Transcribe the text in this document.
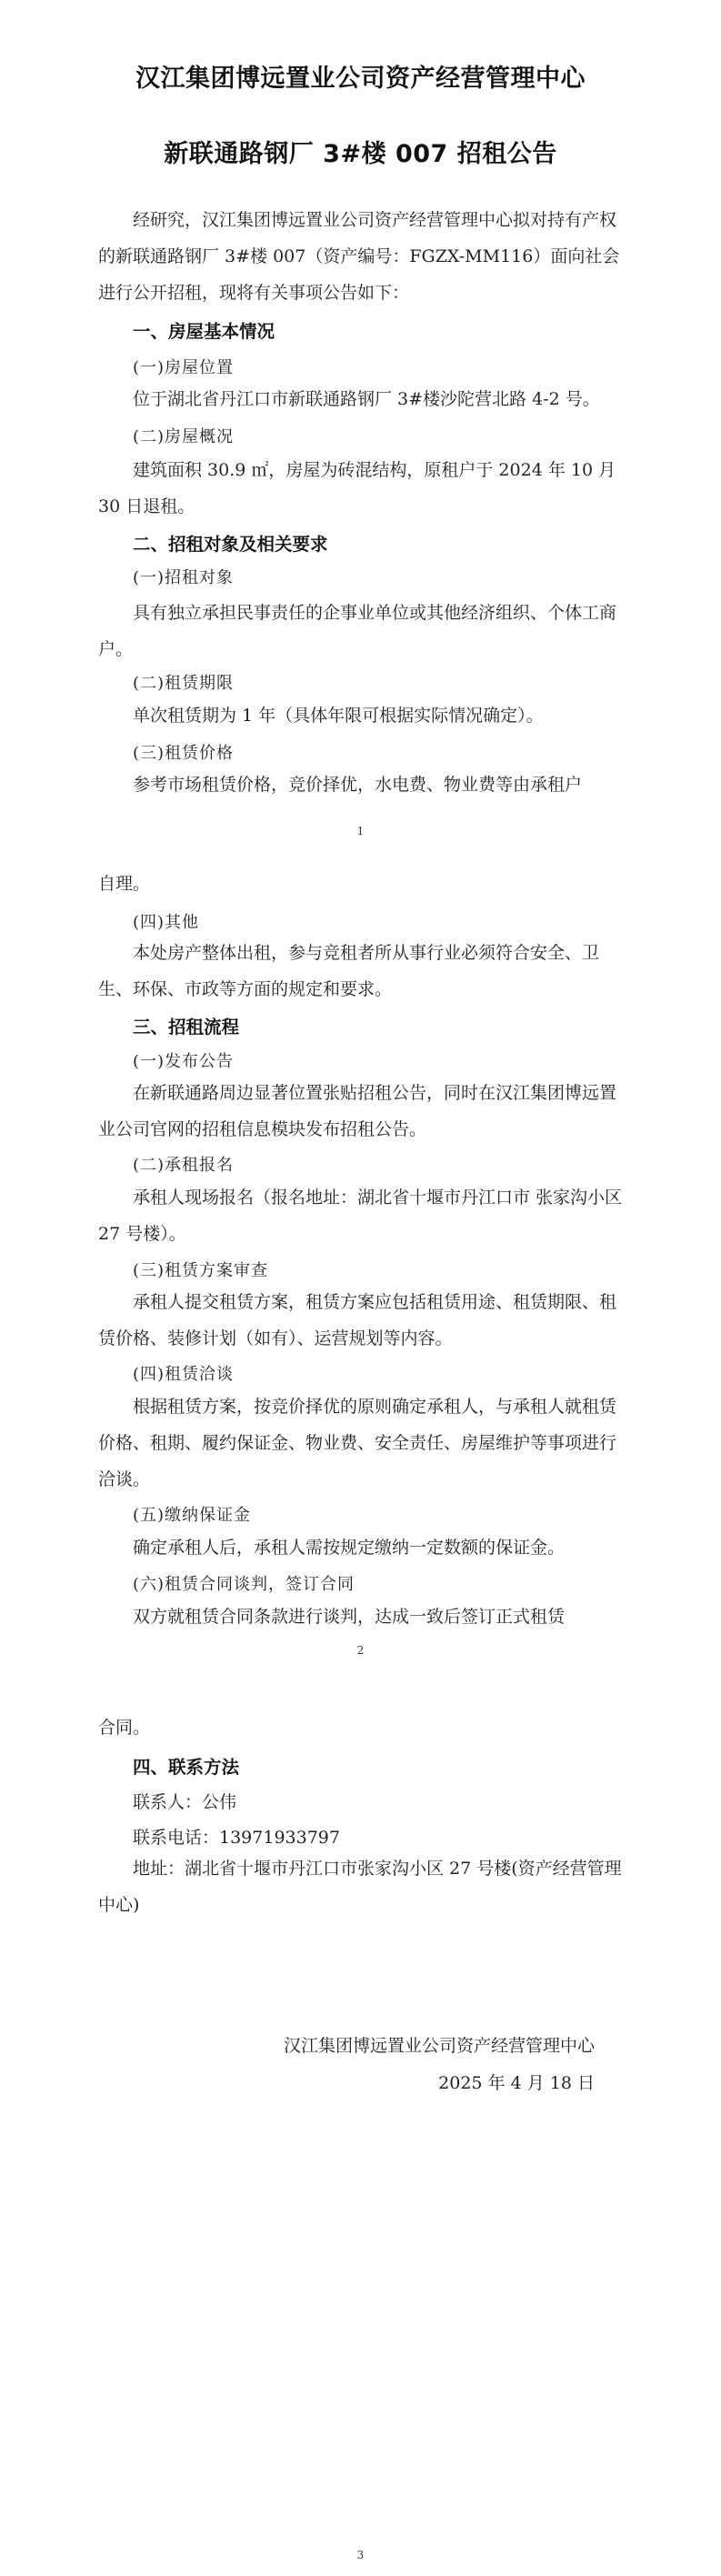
汉江集团博远置业公司资产经营管理中心
新联通路钢厂 3#楼 007 招租公告

经研究，汉江集团博远置业公司资产经营管理中心拟对持有产权的新联通路钢厂 3#楼 007（资产编号：FGZX-MM116）面向社会进行公开招租，现将有关事项公告如下：

一、房屋基本情况
(一)房屋位置

位于湖北省丹江口市新联通路钢厂 3#楼沙陀营北路 4-2 号。

(二)房屋概况

建筑面积 30.9 ㎡，房屋为砖混结构，原租户于 2024 年 10 月 30 日退租。

二、招租对象及相关要求
(一)招租对象

具有独立承担民事责任的企事业单位或其他经济组织、个体工商户。

(二)租赁期限

单次租赁期为 1 年（具体年限可根据实际情况确定）。

(三)租赁价格

参考市场租赁价格，竞价择优，水电费、物业费等由承租户

1

自理。

(四)其他

本处房产整体出租，参与竞租者所从事行业必须符合安全、卫生、环保、市政等方面的规定和要求。

三、招租流程
(一)发布公告

在新联通路周边显著位置张贴招租公告，同时在汉江集团博远置业公司官网的招租信息模块发布招租公告。

(二)承租报名

承租人现场报名（报名地址：湖北省十堰市丹江口市 张家沟小区 27 号楼）。

(三)租赁方案审查

承租人提交租赁方案，租赁方案应包括租赁用途、租赁期限、租赁价格、装修计划（如有）、运营规划等内容。

(四)租赁洽谈

根据租赁方案，按竞价择优的原则确定承租人，与承租人就租赁价格、租期、履约保证金、物业费、安全责任、房屋维护等事项进行洽谈。

(五)缴纳保证金

确定承租人后，承租人需按规定缴纳一定数额的保证金。

(六)租赁合同谈判，签订合同

双方就租赁合同条款进行谈判，达成一致后签订正式租赁

2

合同。

四、联系方法
联系人：公伟
联系电话：13971933797

地址：湖北省十堰市丹江口市张家沟小区 27 号楼(资产经营管理中心)

汉江集团博远置业公司资产经营管理中心
2025 年 4 月 18 日
3
